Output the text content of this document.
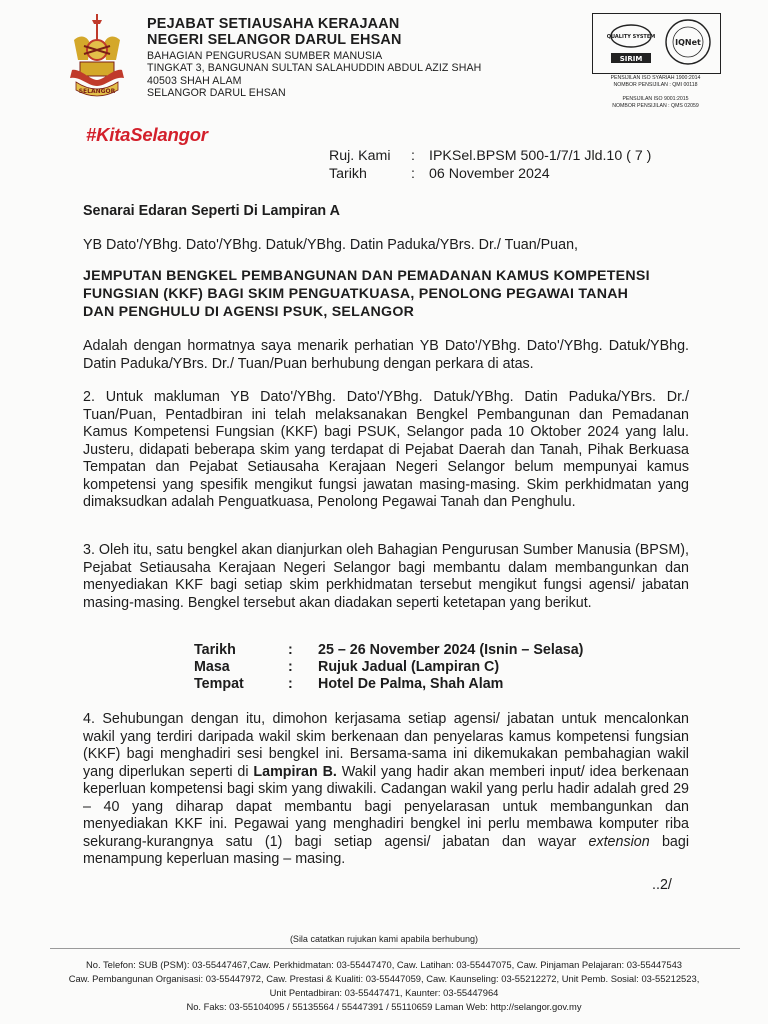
SELANGOR
PEJABAT SETIAUSAHA KERAJAAN
NEGERI SELANGOR DARUL EHSAN
BAHAGIAN PENGURUSAN SUMBER MANUSIA
TINGKAT 3, BANGUNAN SULTAN SALAHUDDIN ABDUL AZIZ SHAH
40503 SHAH ALAM
SELANGOR DARUL EHSAN
QUALITY SYSTEM
SIRIM
IQNet
PENSIJILAN ISO SYARIAH 1900:2014
NOMBOR PENSIJILAN : QMI 00118
PENSIJILAN ISO 9001:2015
NOMBOR PENSIJILAN : QMS 02059
#KitaSelangor
Ruj. Kami : IPKSel.BPSM 500-1/7/1 Jld.10 ( 7 )
Tarikh	: 06 November 2024
Senarai Edaran Seperti Di Lampiran A
YB Dato'/YBhg. Dato'/YBhg. Datuk/YBhg. Datin Paduka/YBrs. Dr./ Tuan/Puan,
JEMPUTAN BENGKEL PEMBANGUNAN DAN PEMADANAN KAMUS KOMPETENSI
FUNGSIAN (KKF) BAGI SKIM PENGUATKUASA, PENOLONG PEGAWAI TANAH
DAN PENGHULU DI AGENSI PSUK, SELANGOR
Adalah dengan hormatnya saya menarik perhatian YB Dato'/YBhg. Dato'/YBhg. Datuk/YBhg. Datin Paduka/YBrs. Dr./ Tuan/Puan berhubung dengan perkara di atas.
2. Untuk makluman YB Dato'/YBhg. Dato'/YBhg. Datuk/YBhg. Datin Paduka/YBrs. Dr./ Tuan/Puan, Pentadbiran ini telah melaksanakan Bengkel Pembangunan dan Pemadanan Kamus Kompetensi Fungsian (KKF) bagi PSUK, Selangor pada 10 Oktober 2024 yang lalu. Justeru, didapati beberapa skim yang terdapat di Pejabat Daerah dan Tanah, Pihak Berkuasa Tempatan dan Pejabat Setiausaha Kerajaan Negeri Selangor belum mempunyai kamus kompetensi yang spesifik mengikut fungsi jawatan masing-masing. Skim perkhidmatan yang dimaksudkan adalah Penguatkuasa, Penolong Pegawai Tanah dan Penghulu.
3. Oleh itu, satu bengkel akan dianjurkan oleh Bahagian Pengurusan Sumber Manusia (BPSM), Pejabat Setiausaha Kerajaan Negeri Selangor bagi membantu dalam membangunkan dan menyediakan KKF bagi setiap skim perkhidmatan tersebut mengikut fungsi agensi/ jabatan masing-masing. Bengkel tersebut akan diadakan seperti ketetapan yang berikut.
Tarikh	: 25 – 26 November 2024 (Isnin – Selasa)
Masa	: Rujuk Jadual (Lampiran C)
Tempat	: Hotel De Palma, Shah Alam
4. Sehubungan dengan itu, dimohon kerjasama setiap agensi/ jabatan untuk mencalonkan wakil yang terdiri daripada wakil skim berkenaan dan penyelaras kamus kompetensi fungsian (KKF) bagi menghadiri sesi bengkel ini. Bersama-sama ini dikemukakan pembahagian wakil yang diperlukan seperti di Lampiran B. Wakil yang hadir akan memberi input/ idea berkenaan keperluan kompetensi bagi skim yang diwakili. Cadangan wakil yang perlu hadir adalah gred 29 – 40 yang diharap dapat membantu bagi penyelarasan untuk membangunkan dan menyediakan KKF ini. Pegawai yang menghadiri bengkel ini perlu membawa komputer riba sekurang-kurangnya satu (1) bagi setiap agensi/ jabatan dan wayar extension bagi menampung keperluan masing – masing.
..2/
(Sila catatkan rujukan kami apabila berhubung)
No. Telefon: SUB (PSM): 03-55447467,Caw. Perkhidmatan: 03-55447470, Caw. Latihan: 03-55447075, Caw. Pinjaman Pelajaran: 03-55447543
Caw. Pembangunan Organisasi: 03-55447972, Caw. Prestasi & Kualiti: 03-55447059, Caw. Kaunseling: 03-55212272, Unit Pemb. Sosial: 03-55212523,
Unit Pentadbiran: 03-55447471, Kaunter: 03-55447964
No. Faks: 03-55104095 / 55135564 / 55447391 / 55110659 Laman Web: http://selangor.gov.my
